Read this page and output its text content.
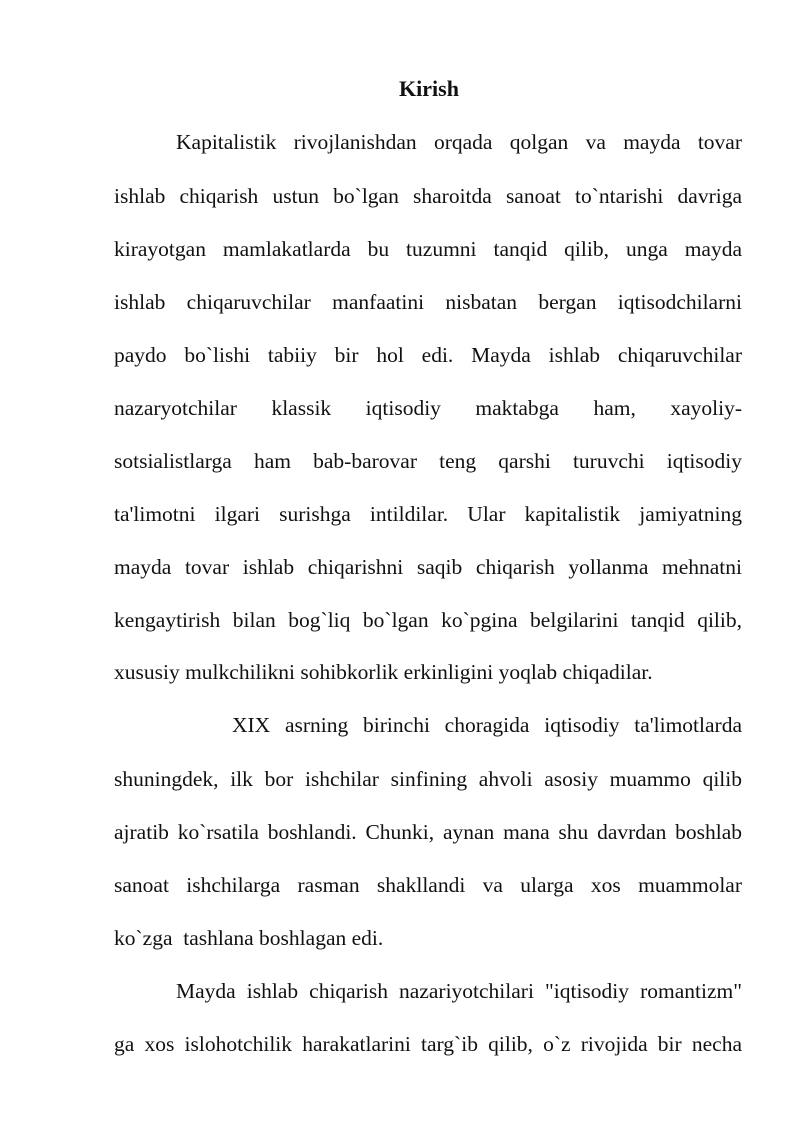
Kirish
Kapitalistik rivojlanishdan orqada qolgan va mayda tovar
ishlab chiqarish ustun bo`lgan sharoitda sanoat to`ntarishi davriga
kirayotgan mamlakatlarda bu tuzumni tanqid qilib, unga mayda
ishlab chiqaruvchilar manfaatini nisbatan bergan iqtisodchilarni
paydo bo`lishi tabiiy bir hol edi. Mayda ishlab chiqaruvchilar
nazaryotchilar klassik iqtisodiy maktabga ham, xayoliy-
sotsialistlarga ham bab-barovar teng qarshi turuvchi iqtisodiy
ta'limotni ilgari surishga intildilar. Ular kapitalistik jamiyatning
mayda tovar ishlab chiqarishni saqib chiqarish yollanma mehnatni
kengaytirish bilan bog`liq bo`lgan ko`pgina belgilarini tanqid qilib,
xususiy mulkchilikni sohibkorlik erkinligini yoqlab chiqadilar.
XIX asrning birinchi choragida iqtisodiy ta'limotlarda
shuningdek, ilk bor ishchilar sinfining ahvoli asosiy muammo qilib
ajratib ko`rsatila boshlandi. Chunki, aynan mana shu davrdan boshlab
sanoat ishchilarga rasman shakllandi va ularga xos muammolar
ko`zga  tashlana boshlagan edi.
Mayda ishlab chiqarish nazariyotchilari "iqtisodiy romantizm"
ga xos islohotchilik harakatlarini targ`ib qilib, o`z rivojida bir necha
